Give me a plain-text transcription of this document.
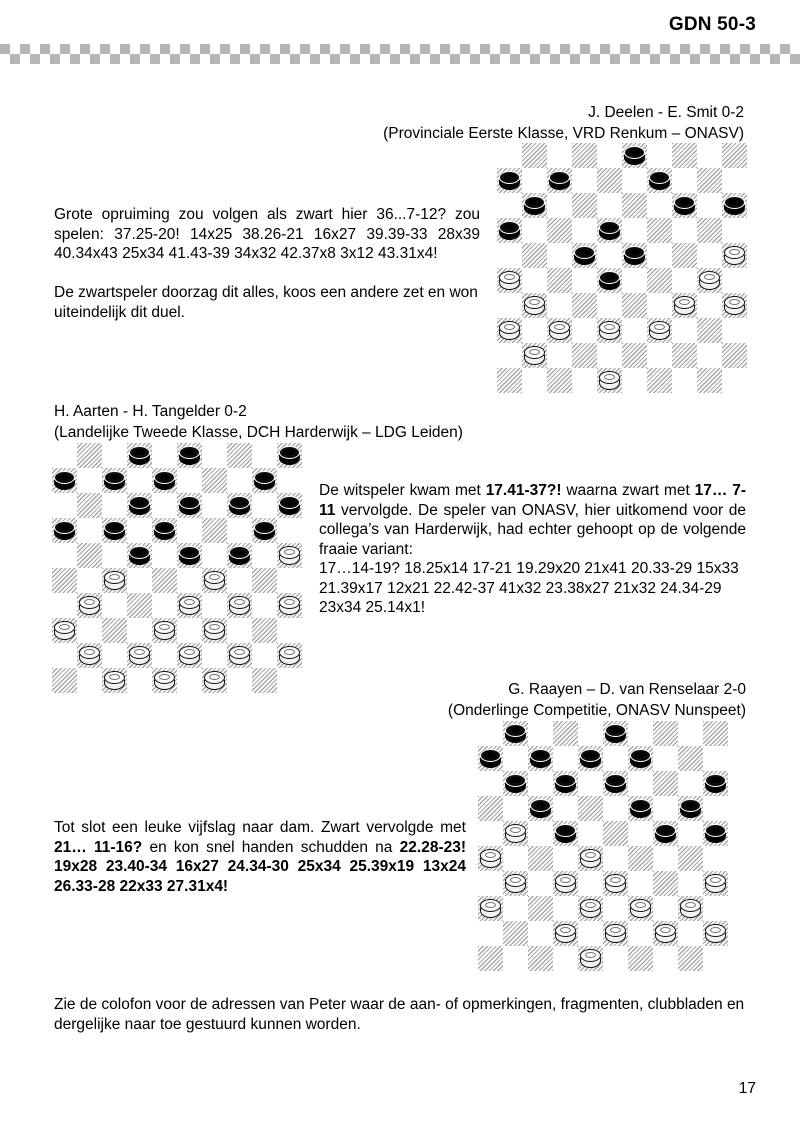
GDN 50-3
J. Deelen - E. Smit 0-2
(Provinciale Eerste Klasse, VRD Renkum – ONASV)
Grote opruiming zou volgen als zwart hier 36...7-12? zou spelen: 37.25-20! 14x25 38.26-21 16x27 39.39-33 28x39 40.34x43 25x34 41.43-39 34x32 42.37x8 3x12 43.31x4!
De zwartspeler doorzag dit alles, koos een andere zet en won uiteindelijk dit duel.
H. Aarten - H. Tangelder 0-2
(Landelijke Tweede Klasse, DCH Harderwijk – LDG Leiden)
De witspeler kwam met 17.41-37?! waarna zwart met 17… 7-11 vervolgde. De speler van ONASV, hier uitkomend voor de collega’s van Harderwijk, had echter gehoopt op de volgende fraaie variant:
17…14-19? 18.25x14 17-21 19.29x20 21x41 20.33-29 15x33 21.39x17 12x21 22.42-37 41x32 23.38x27 21x32 24.34-29 23x34 25.14x1!
G. Raayen – D. van Renselaar 2-0
(Onderlinge Competitie, ONASV Nunspeet)
Tot slot een leuke vijfslag naar dam. Zwart vervolgde met 21… 11-16? en kon snel handen schudden na 22.28-23! 19x28 23.40-34 16x27 24.34-30 25x34 25.39x19 13x24 26.33-28 22x33 27.31x4!
Zie de colofon voor de adressen van Peter waar de aan- of opmerkingen, fragmenten, clubbladen en dergelijke naar toe gestuurd kunnen worden.
17
